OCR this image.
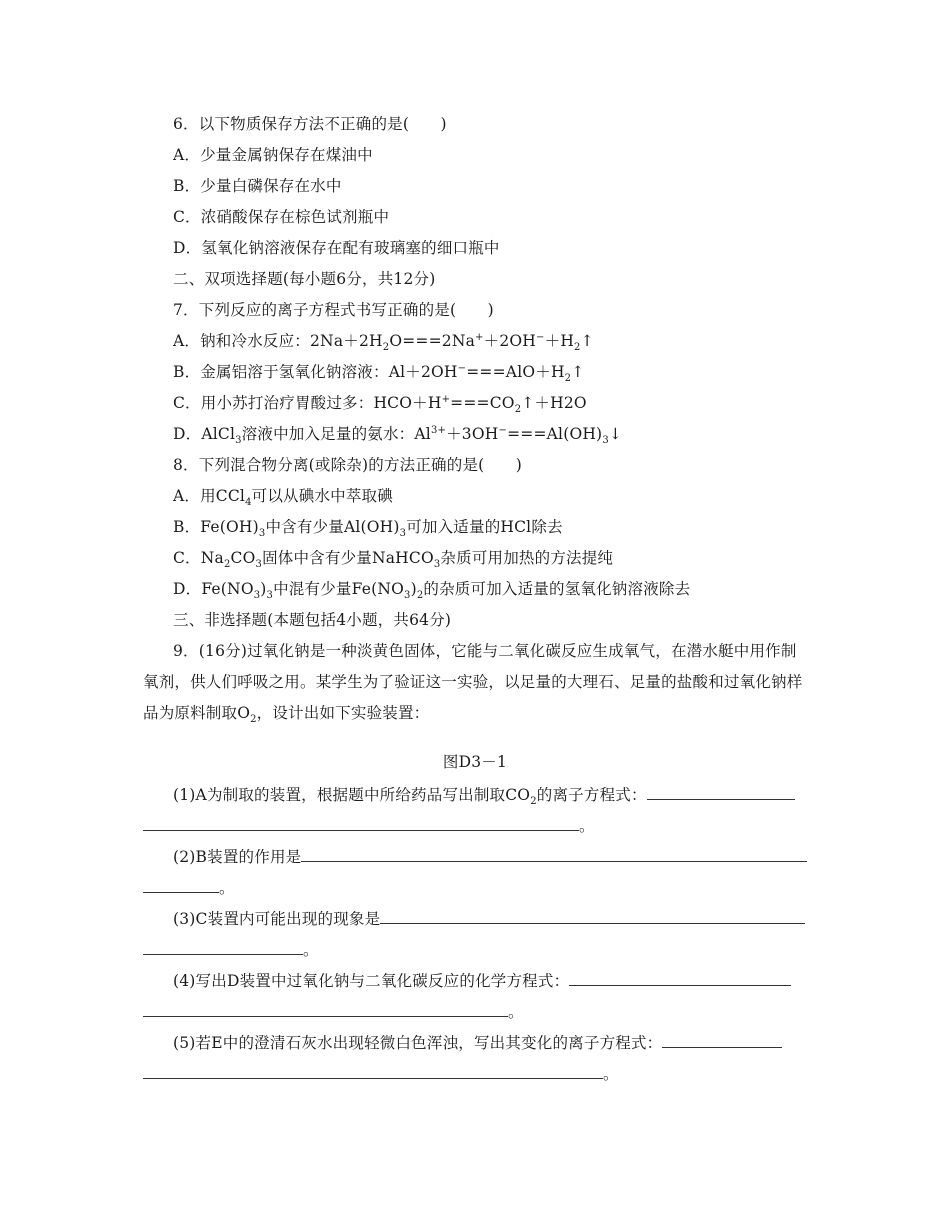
6．以下物质保存方法不正确的是(　　)
A．少量金属钠保存在煤油中
B．少量白磷保存在水中
C．浓硝酸保存在棕色试剂瓶中
D．氢氧化钠溶液保存在配有玻璃塞的细口瓶中
二、双项选择题(每小题6分，共12分)
7．下列反应的离子方程式书写正确的是(　　)
A．钠和冷水反应：$2Na+2H_2O===2Na^++2OH^-+H_2↑$
B．金属铝溶于氢氧化钠溶液：$Al+2OH^-===AlO+H_2↑$
C．用小苏打治疗胃酸过多：$HCO+H^+===CO_2↑+H2O$
D．AlCl$_3$溶液中加入足量的氨水：$Al^{3+}+3OH^-===Al(OH)_3↓$
8．下列混合物分离(或除杂)的方法正确的是(　　)
A．用CCl$_4$可以从碘水中萃取碘
B．$Fe(OH)_3$中含有少量$Al(OH)_3$可加入适量的HCl除去
C．$Na_2CO_3$固体中含有少量NaHCO$_3$杂质可用加热的方法提纯
D．$Fe(NO_3)_3$中混有少量$Fe(NO_3)_2$的杂质可加入适量的氢氧化钠溶液除去
三、非选择题(本题包括4小题，共64分)
9．(16分)过氧化钠是一种淡黄色固体，它能与二氧化碳反应生成氧气，在潜水艇中用作制氧剂，供人们呼吸之用。某学生为了验证这一实验，以足量的大理石、足量的盐酸和过氧化钠样品为原料制取$O_2$，设计出如下实验装置：
图D3－1
(1)A为制取的装置，根据题中所给药品写出制取$CO_2$的离子方程式：
。
(2)B装置的作用是
。
(3)C装置内可能出现的现象是
。
(4)写出D装置中过氧化钠与二氧化碳反应的化学方程式：
。
(5)若E中的澄清石灰水出现轻微白色浑浊，写出其变化的离子方程式：
。
